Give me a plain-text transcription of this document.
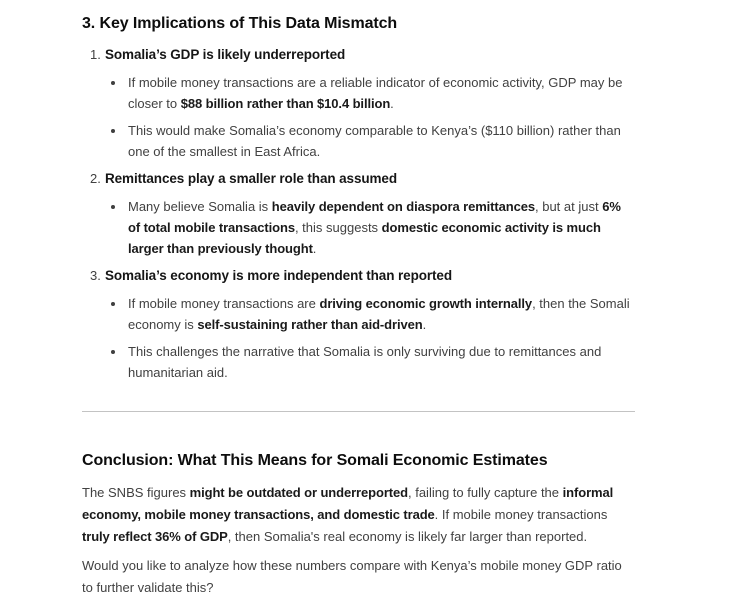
3. Key Implications of This Data Mismatch
1. Somalia’s GDP is likely underreported

If mobile money transactions are a reliable indicator of economic activity, GDP may be closer to $88 billion rather than $10.4 billion.

This would make Somalia’s economy comparable to Kenya’s ($110 billion) rather than one of the smallest in East Africa.

2. Remittances play a smaller role than assumed

Many believe Somalia is heavily dependent on diaspora remittances, but at just 6% of total mobile transactions, this suggests domestic economic activity is much larger than previously thought.

3. Somalia’s economy is more independent than reported

If mobile money transactions are driving economic growth internally, then the Somali economy is self-sustaining rather than aid-driven.

This challenges the narrative that Somalia is only surviving due to remittances and humanitarian aid.

Conclusion: What This Means for Somali Economic Estimates

The SNBS figures might be outdated or underreported, failing to fully capture the informal economy, mobile money transactions, and domestic trade. If mobile money transactions truly reflect 36% of GDP, then Somalia's real economy is likely far larger than reported.

Would you like to analyze how these numbers compare with Kenya’s mobile money GDP ratio to further validate this?
